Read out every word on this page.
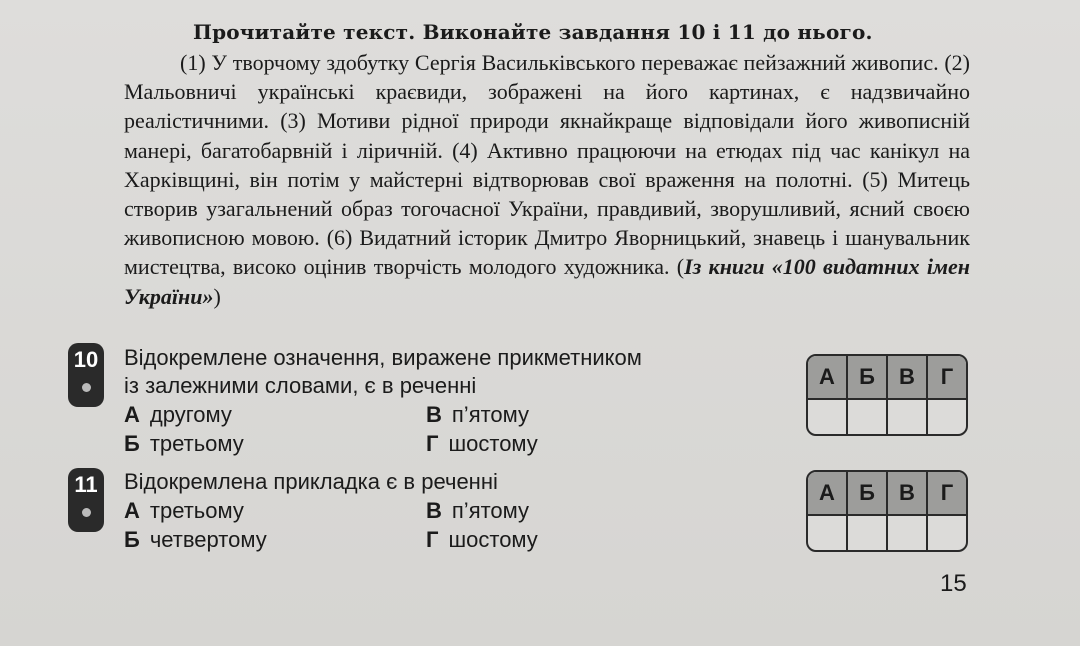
Прочитайте текст. Виконайте завдання 10 і 11 до нього.
(1) У творчому здобутку Сергія Васильківського переважає пейзажний живопис. (2) Мальовничі українські краєвиди, зображені на його картинах, є надзвичайно реалістичними. (3) Мотиви рідної природи якнайкраще відповідали його живописній манері, багатобарвній і ліричній. (4) Активно працюючи на етюдах під час канікул на Харківщині, він потім у майстерні відтворював свої враження на полотні. (5) Митець створив узагальнений образ тогочасної України, правдивий, зворушливий, ясний своєю живописною мовою. (6) Видатний історик Дмитро Яворницький, знавець і шанувальник мистецтва, високо оцінив творчість молодого художника. (Із книги «100 видатних імен України»)
10 Відокремлене означення, виражене прикметником
із залежними словами, є в реченні
А другому
Б третьому
В п’ятому
Г шостому
А	Б	В	Г
11 Відокремлена прикладка є в реченні
А третьому
Б четвертому
В п’ятому
Г шостому
А	Б	В	Г
15
